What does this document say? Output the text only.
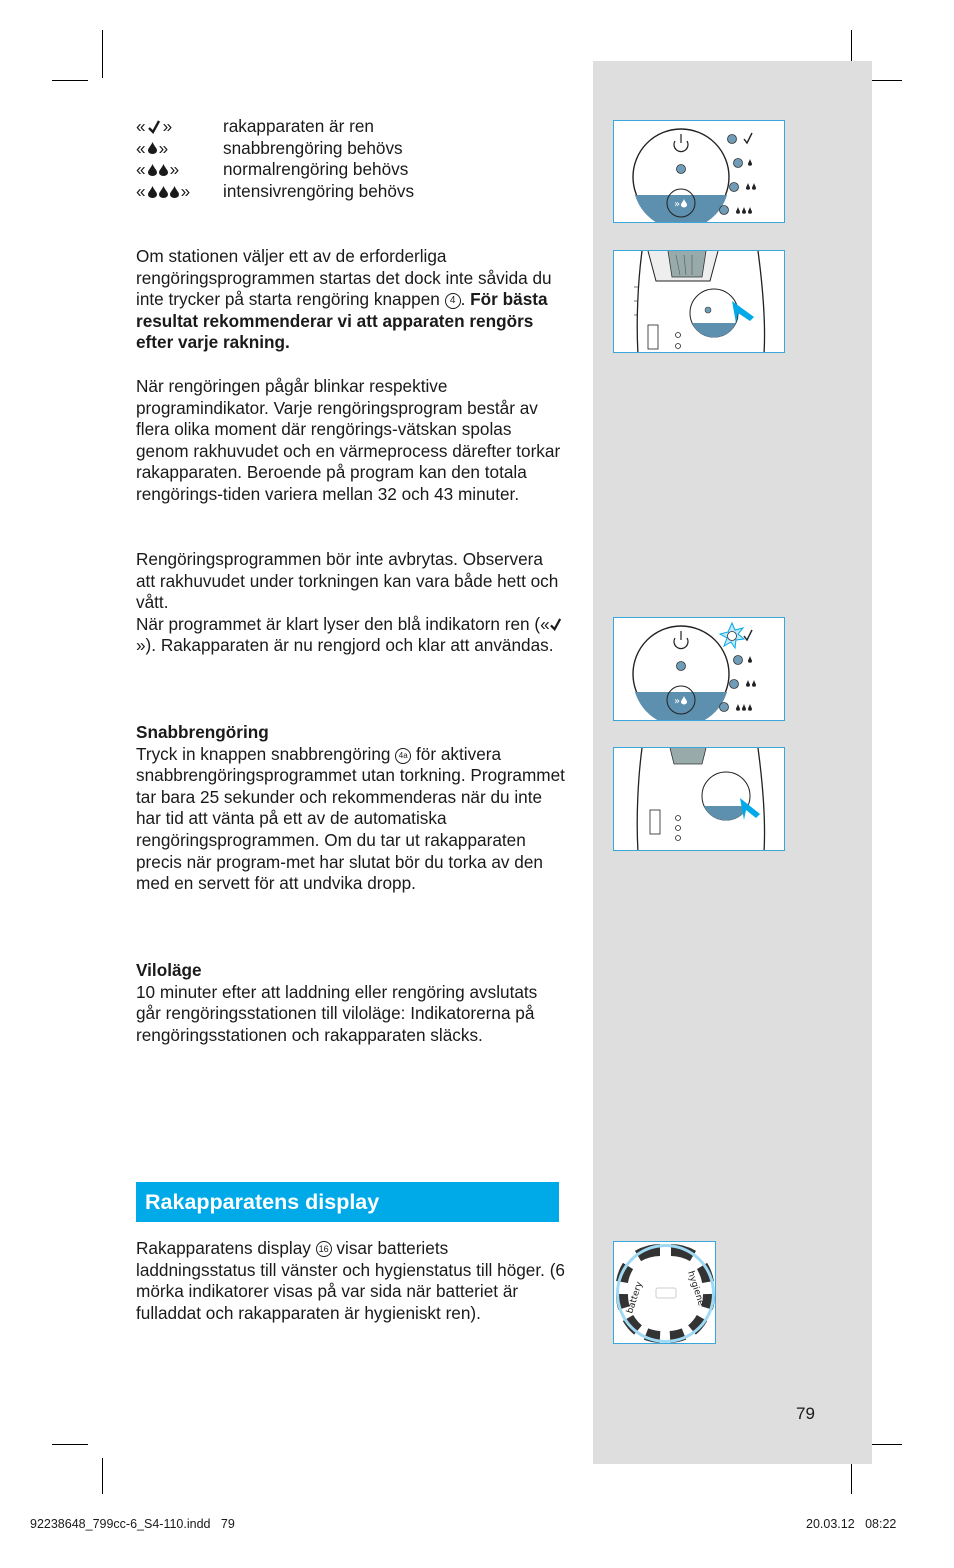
« »	rakapparaten är ren
« »	snabbrengöring behövs
« »	normalrengöring behövs
« » intensivrengöring behövs
Om stationen väljer ett av de erforderliga rengöringsprogrammen startas det dock inte såvida du inte trycker på starta rengöring knappen 4 . För bästa resultat rekommenderar vi att apparaten rengörs efter varje rakning.
När rengöringen pågår blinkar respektive programindikator. Varje rengöringsprogram består av flera olika moment där rengörings-vätskan spolas genom rakhuvudet och en värmeprocess därefter torkar rakapparaten. Beroende på program kan den totala rengörings-tiden variera mellan 32 och 43 minuter.

Rengöringsprogrammen bör inte avbrytas. Observera att rakhuvudet under torkningen kan vara både hett och vått.

När programmet är klart lyser den blå indikatorn ren («»). Rakapparaten är nu rengjord och klar att användas.

Snabbrengöring

Tryck in knappen snabbrengöring 4a för aktivera snabbrengöringsprogrammet utan torkning. Programmet tar bara 25 sekunder och rekommenderas när du inte har tid att vänta på ett av de automatiska rengöringsprogrammen. Om du tar ut rakapparaten precis när program-met har slutat bör du torka av den med en servett för att undvika dropp.

Viloläge

10 minuter efter att laddning eller rengöring avslutats går rengöringsstationen till viloläge: Indikatorerna på rengöringsstationen och rakapparaten släcks.

Rakapparatens display
Rakapparatens display 16 visar batteriets laddningsstatus till vänster och hygienstatus till höger. (6 mörka indikatorer visas på var sida när batteriet är fulladdat och rakapparaten är hygieniskt ren).
»
»
battery	hygiene
79
92238648_799cc-6_S4-110.indd   79	20.03.12   08:22
